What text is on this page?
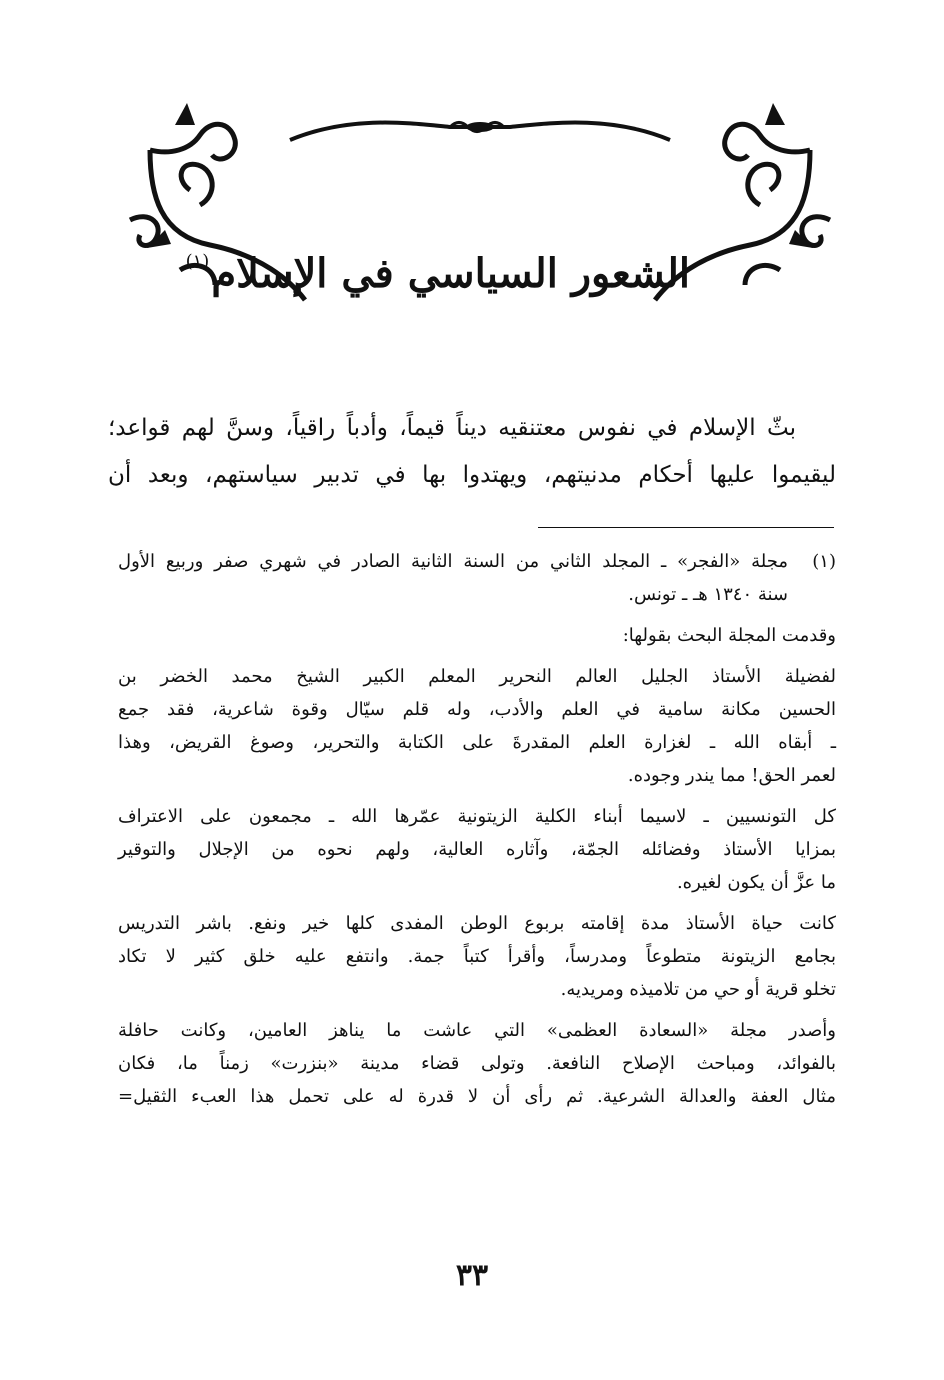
الشعور السياسي في الإسلام$^{(١)}$
بثّ الإسلام في نفوس معتنقيه ديناً قيماً، وأدباً راقياً، وسنَّ لهم قواعد؛
ليقيموا عليها أحكام مدنيتهم، ويهتدوا بها في تدبير سياستهم، وبعد أن
(١)
مجلة «الفجر» ـ المجلد الثاني من السنة الثانية الصادر في شهري صفر وربيع الأول
سنة ١٣٤٠ هـ ـ تونس.
وقدمت المجلة البحث بقولها:
لفضيلة الأستاذ الجليل العالم النحرير المعلم الكبير الشيخ محمد الخضر بن
الحسين مكانة سامية في العلم والأدب، وله قلم سيّال وقوة شاعرية، فقد جمع
ـ أبقاه الله ـ لغزارة العلم المقدرةَ على الكتابة والتحرير، وصوغ القريض، وهذا
لعمر الحق! مما يندر وجوده.
كل التونسيين ـ لاسيما أبناء الكلية الزيتونية عمّرها الله ـ مجمعون على الاعتراف
بمزايا الأستاذ وفضائله الجمّة، وآثاره العالية، ولهم نحوه من الإجلال والتوقير
ما عزَّ أن يكون لغيره.
كانت حياة الأستاذ مدة إقامته بربوع الوطن المفدى كلها خير ونفع. باشر التدريس
بجامع الزيتونة متطوعاً ومدرساً، وأقرأ كتباً جمة. وانتفع عليه خلق كثير لا تكاد
تخلو قرية أو حي من تلاميذه ومريديه.
وأصدر مجلة «السعادة العظمى» التي عاشت ما يناهز العامين، وكانت حافلة
بالفوائد، ومباحث الإصلاح النافعة. وتولى قضاء مدينة «بنزرت» زمناً ما، فكان
مثال العفة والعدالة الشرعية. ثم رأى أن لا قدرة له على تحمل هذا العبء الثقيل=
٣٣
